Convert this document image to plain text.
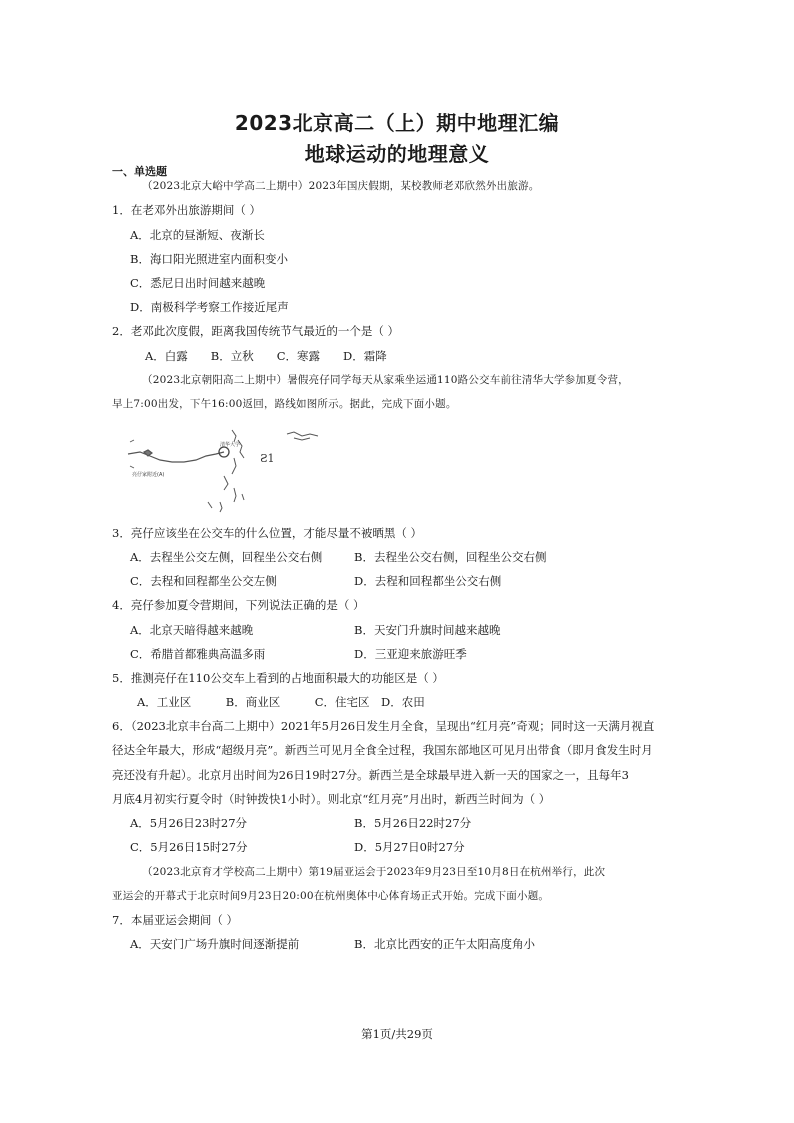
2023北京高二（上）期中地理汇编
地球运动的地理意义
一、单选题
（2023北京大峪中学高二上期中）2023年国庆假期，某校教师老邓欣然外出旅游。
1．在老邓外出旅游期间（ ）
A．北京的昼渐短、夜渐长
B．海口阳光照进室内面积变小
C．悉尼日出时间越来越晚
D．南极科学考察工作接近尾声
2．老邓此次度假，距离我国传统节气最近的一个是（ ）
A．白露　　B．立秋　　C．寒露　　D．霜降
（2023北京朝阳高二上期中）暑假亮仔同学每天从家乘坐运通110路公交车前往清华大学参加夏令营，
早上7:00出发，下午16:00返回，路线如图所示。据此，完成下面小题。
清华大学
亮仔家附近(A)
Ƨ1
3．亮仔应该坐在公交车的什么位置，才能尽量不被晒黑（ ）
A．去程坐公交左侧，回程坐公交右侧	B．去程坐公交右侧，回程坐公交右侧
C．去程和回程都坐公交左侧	D．去程和回程都坐公交右侧
4．亮仔参加夏令营期间，下列说法正确的是（ ）
A．北京天暗得越来越晚	B．天安门升旗时间越来越晚
C．希腊首都雅典高温多雨	D．三亚迎来旅游旺季
5．推测亮仔在110公交车上看到的占地面积最大的功能区是（ ）
A．工业区　　　B．商业区　　　C．住宅区　D．农田
6．（2023北京丰台高二上期中）2021年5月26日发生月全食，呈现出“红月亮”奇观；同时这一天满月视直
径达全年最大，形成“超级月亮”。新西兰可见月全食全过程，我国东部地区可见月出带食（即月食发生时月
亮还没有升起）。北京月出时间为26日19时27分。新西兰是全球最早进入新一天的国家之一，且每年3
月底4月初实行夏令时（时钟拨快1小时）。则北京“红月亮”月出时，新西兰时间为（ ）
A．5月26日23时27分	B．5月26日22时27分
C．5月26日15时27分	D．5月27日0时27分
（2023北京育才学校高二上期中）第19届亚运会于2023年9月23日至10月8日在杭州举行，此次
亚运会的开幕式于北京时间9月23日20:00在杭州奥体中心体育场正式开始。完成下面小题。
7．本届亚运会期间（ ）
A．天安门广场升旗时间逐渐提前	B．北京比西安的正午太阳高度角小
第1页/共29页
